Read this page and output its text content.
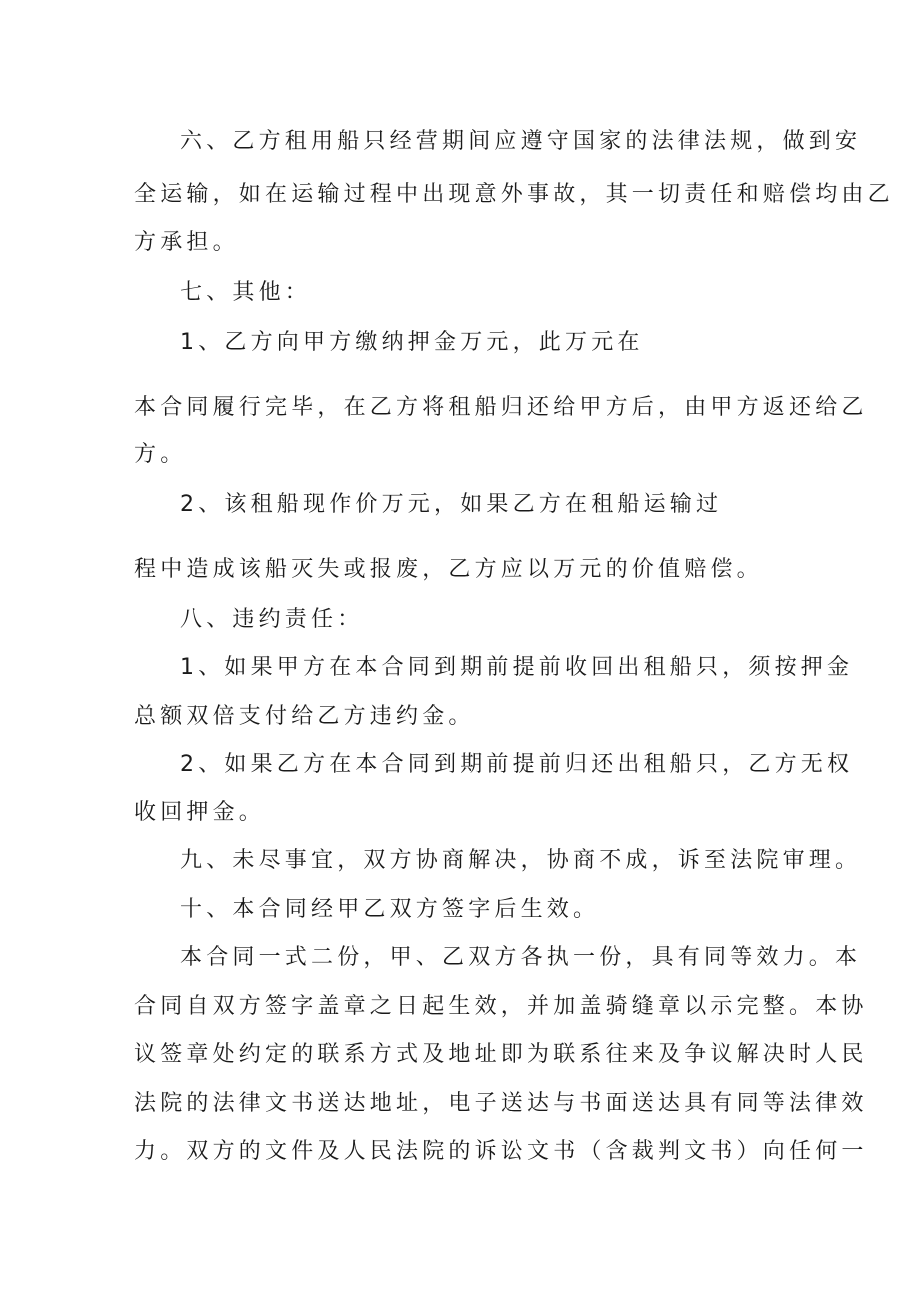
六、乙方租用船只经营期间应遵守国家的法律法规，做到安
全运输，如在运输过程中出现意外事故，其一切责任和赔偿均由乙
方承担。
七、其他：
1、乙方向甲方缴纳押金万元，此万元在
本合同履行完毕，在乙方将租船归还给甲方后，由甲方返还给乙
方。
2、该租船现作价万元，如果乙方在租船运输过
程中造成该船灭失或报废，乙方应以万元的价值赔偿。
八、违约责任：
1、如果甲方在本合同到期前提前收回出租船只，须按押金
总额双倍支付给乙方违约金。
2、如果乙方在本合同到期前提前归还出租船只，乙方无权
收回押金。
九、未尽事宜，双方协商解决，协商不成，诉至法院审理。
十、本合同经甲乙双方签字后生效。
本合同一式二份，甲、乙双方各执一份，具有同等效力。本
合同自双方签字盖章之日起生效，并加盖骑缝章以示完整。本协
议签章处约定的联系方式及地址即为联系往来及争议解决时人民
法院的法律文书送达地址，电子送达与书面送达具有同等法律效
力。双方的文件及人民法院的诉讼文书（含裁判文书）向任何一
